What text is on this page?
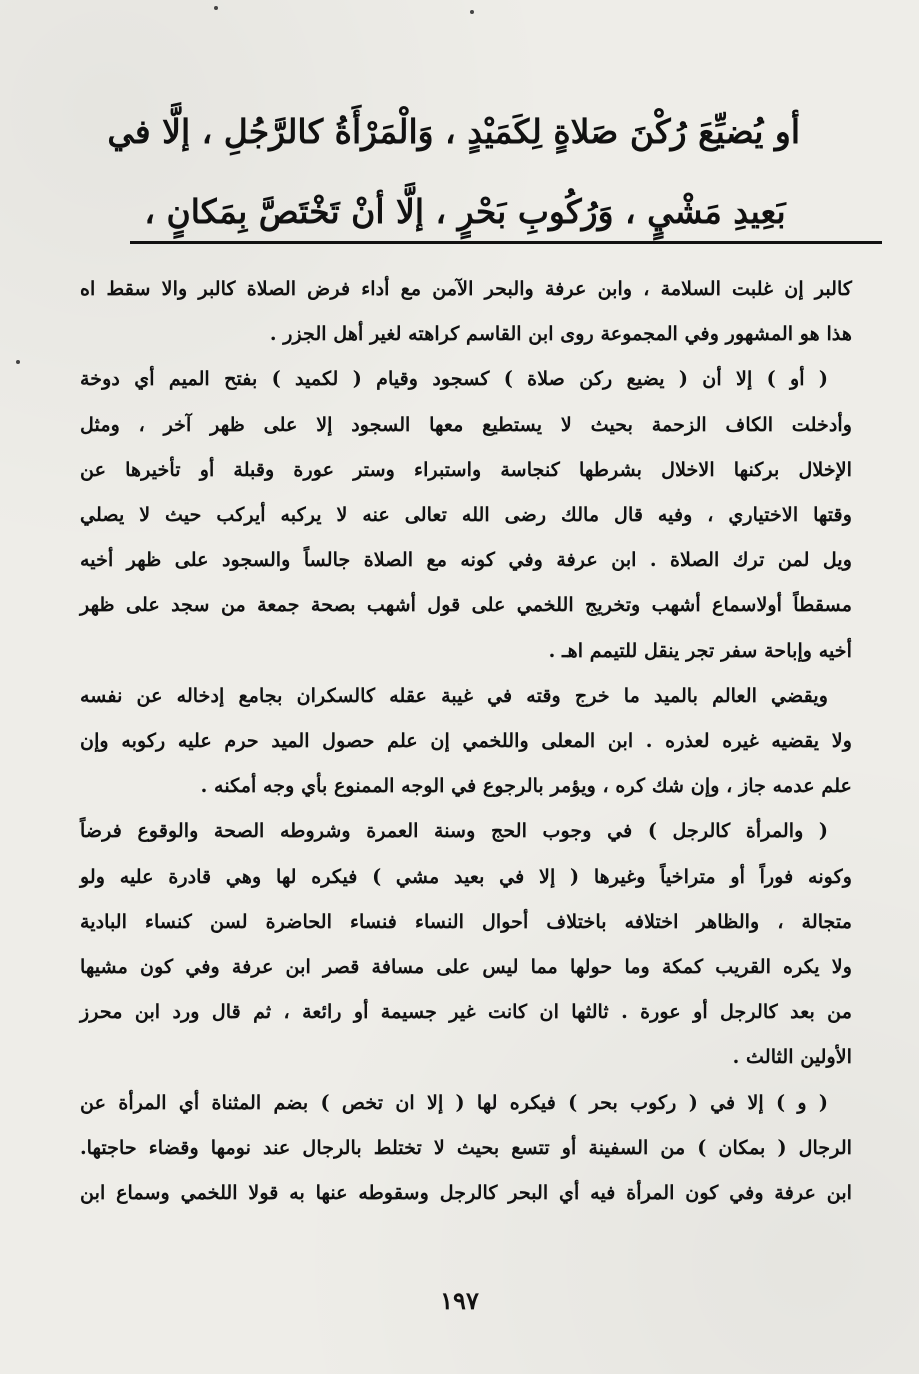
أو يُضيِّعَ رُكْنَ صَلاةٍ لِكَمَيْدٍ ، وَالْمَرْأَةُ كالرَّجُلِ ، إلَّا في
بَعِيدِ مَشْيٍ ، وَرُكُوبِ بَحْرٍ ، إلَّا أنْ تَخْتَصَّ بِمَكانٍ ،
كالبر إن غلبت السلامة ، وابن عرفة والبحر الآمن مع أداء فرض الصلاة كالبر والا سقط اه
هذا هو المشهور وفي المجموعة روى ابن القاسم كراهته لغير أهل الجزر .
( أو ) إلا أن ( يضيع ركن صلاة ) كسجود وقيام ( لكميد ) بفتح الميم أي دوخة
وأدخلت الكاف الزحمة بحيث لا يستطيع معها السجود إلا على ظهر آخر ، ومثل
الإخلال بركنها الاخلال بشرطها كنجاسة واستبراء وستر عورة وقبلة أو تأخيرها عن
وقتها الاختياري ، وفيه قال مالك رضى الله تعالى عنه لا يركبه أيركب حيث لا يصلي
ويل لمن ترك الصلاة . ابن عرفة وفي كونه مع الصلاة جالساً والسجود على ظهر أخيه
مسقطاً أولاسماع أشهب وتخريج اللخمي على قول أشهب بصحة جمعة من سجد على ظهر
أخيه وإباحة سفر تجر ينقل للتيمم اهـ .
ويقضي العالم بالميد ما خرج وقته في غيبة عقله كالسكران بجامع إدخاله عن نفسه
ولا يقضيه غيره لعذره . ابن المعلى واللخمي إن علم حصول الميد حرم عليه ركوبه وإن
علم عدمه جاز ، وإن شك كره ، ويؤمر بالرجوع في الوجه الممنوع بأي وجه أمكنه .
( والمرأة كالرجل ) في وجوب الحج وسنة العمرة وشروطه الصحة والوقوع فرضاً
وكونه فوراً أو متراخياً وغيرها ( إلا في بعيد مشي ) فيكره لها وهي قادرة عليه ولو
متجالة ، والظاهر اختلافه باختلاف أحوال النساء فنساء الحاضرة لسن كنساء البادية
ولا يكره القريب كمكة وما حولها مما ليس على مسافة قصر ابن عرفة وفي كون مشيها
من بعد كالرجل أو عورة . ثالثها ان كانت غير جسيمة أو رائعة ، ثم قال ورد ابن محرز
الأولين الثالث .
( و ) إلا في ( ركوب بحر ) فيكره لها ( إلا ان تخص ) بضم المثناة أي المرأة عن
الرجال ( بمكان ) من السفينة أو تتسع بحيث لا تختلط بالرجال عند نومها وقضاء حاجتها.
ابن عرفة وفي كون المرأة فيه أي البحر كالرجل وسقوطه عنها به قولا اللخمي وسماع ابن
١٩٧
